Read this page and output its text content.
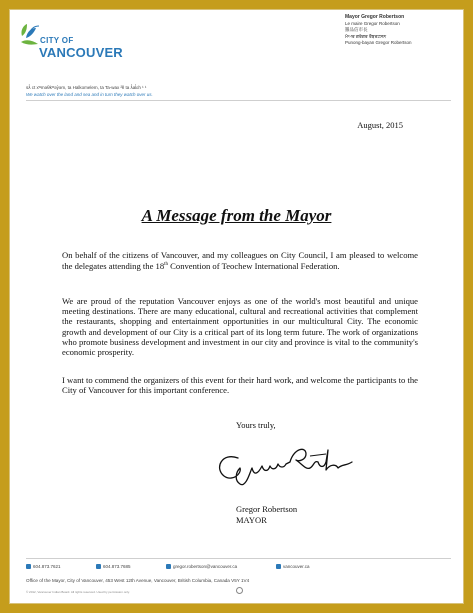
CITY OF
VANCOUVER
Mayor Gregor Robertson
Le maire Gregor Robertson
羅品信市長
ਮੇਅਰ ਗਰੇਗਰ ਰੌਬਰਟਸਨ
Punong-bayan Gregor Robertson
sƛ̓ ct xʷməθkʷəy̓əm, ta Halkomelem, ta Ta-wax ²Ɨl ta ƛ̓al̓ɛh ¹ ¹
We watch over the land and sea and in turn they watch over us.
August, 2015
A Message from the Mayor
On behalf of the citizens of Vancouver, and my colleagues on City Council, I am pleased to welcome the delegates attending the 18th Convention of Teochew International Federation.
We are proud of the reputation Vancouver enjoys as one of the world's most beautiful and unique meeting destinations. There are many educational, cultural and recreational activities that complement the restaurants, shopping and entertainment opportunities in our multicultural City. The economic growth and development of our City is a critical part of its long term future. The work of organizations who promote business development and investment in our city and province is vital to the community's economic prosperity.
I want to commend the organizers of this event for their hard work, and welcome the participants to the City of Vancouver for this important conference.
Yours truly,
Gregor Robertson
MAYOR
604.873.7621	604.873.7685	gregor.robertson@vancouver.ca	vancouver.ca
Office of the Mayor, City of Vancouver, 453 West 12th Avenue, Vancouver, British Columbia, Canada V5Y 1V4
© 2012, Vancouver Indian Board. All rights reserved. Used by permission only.
